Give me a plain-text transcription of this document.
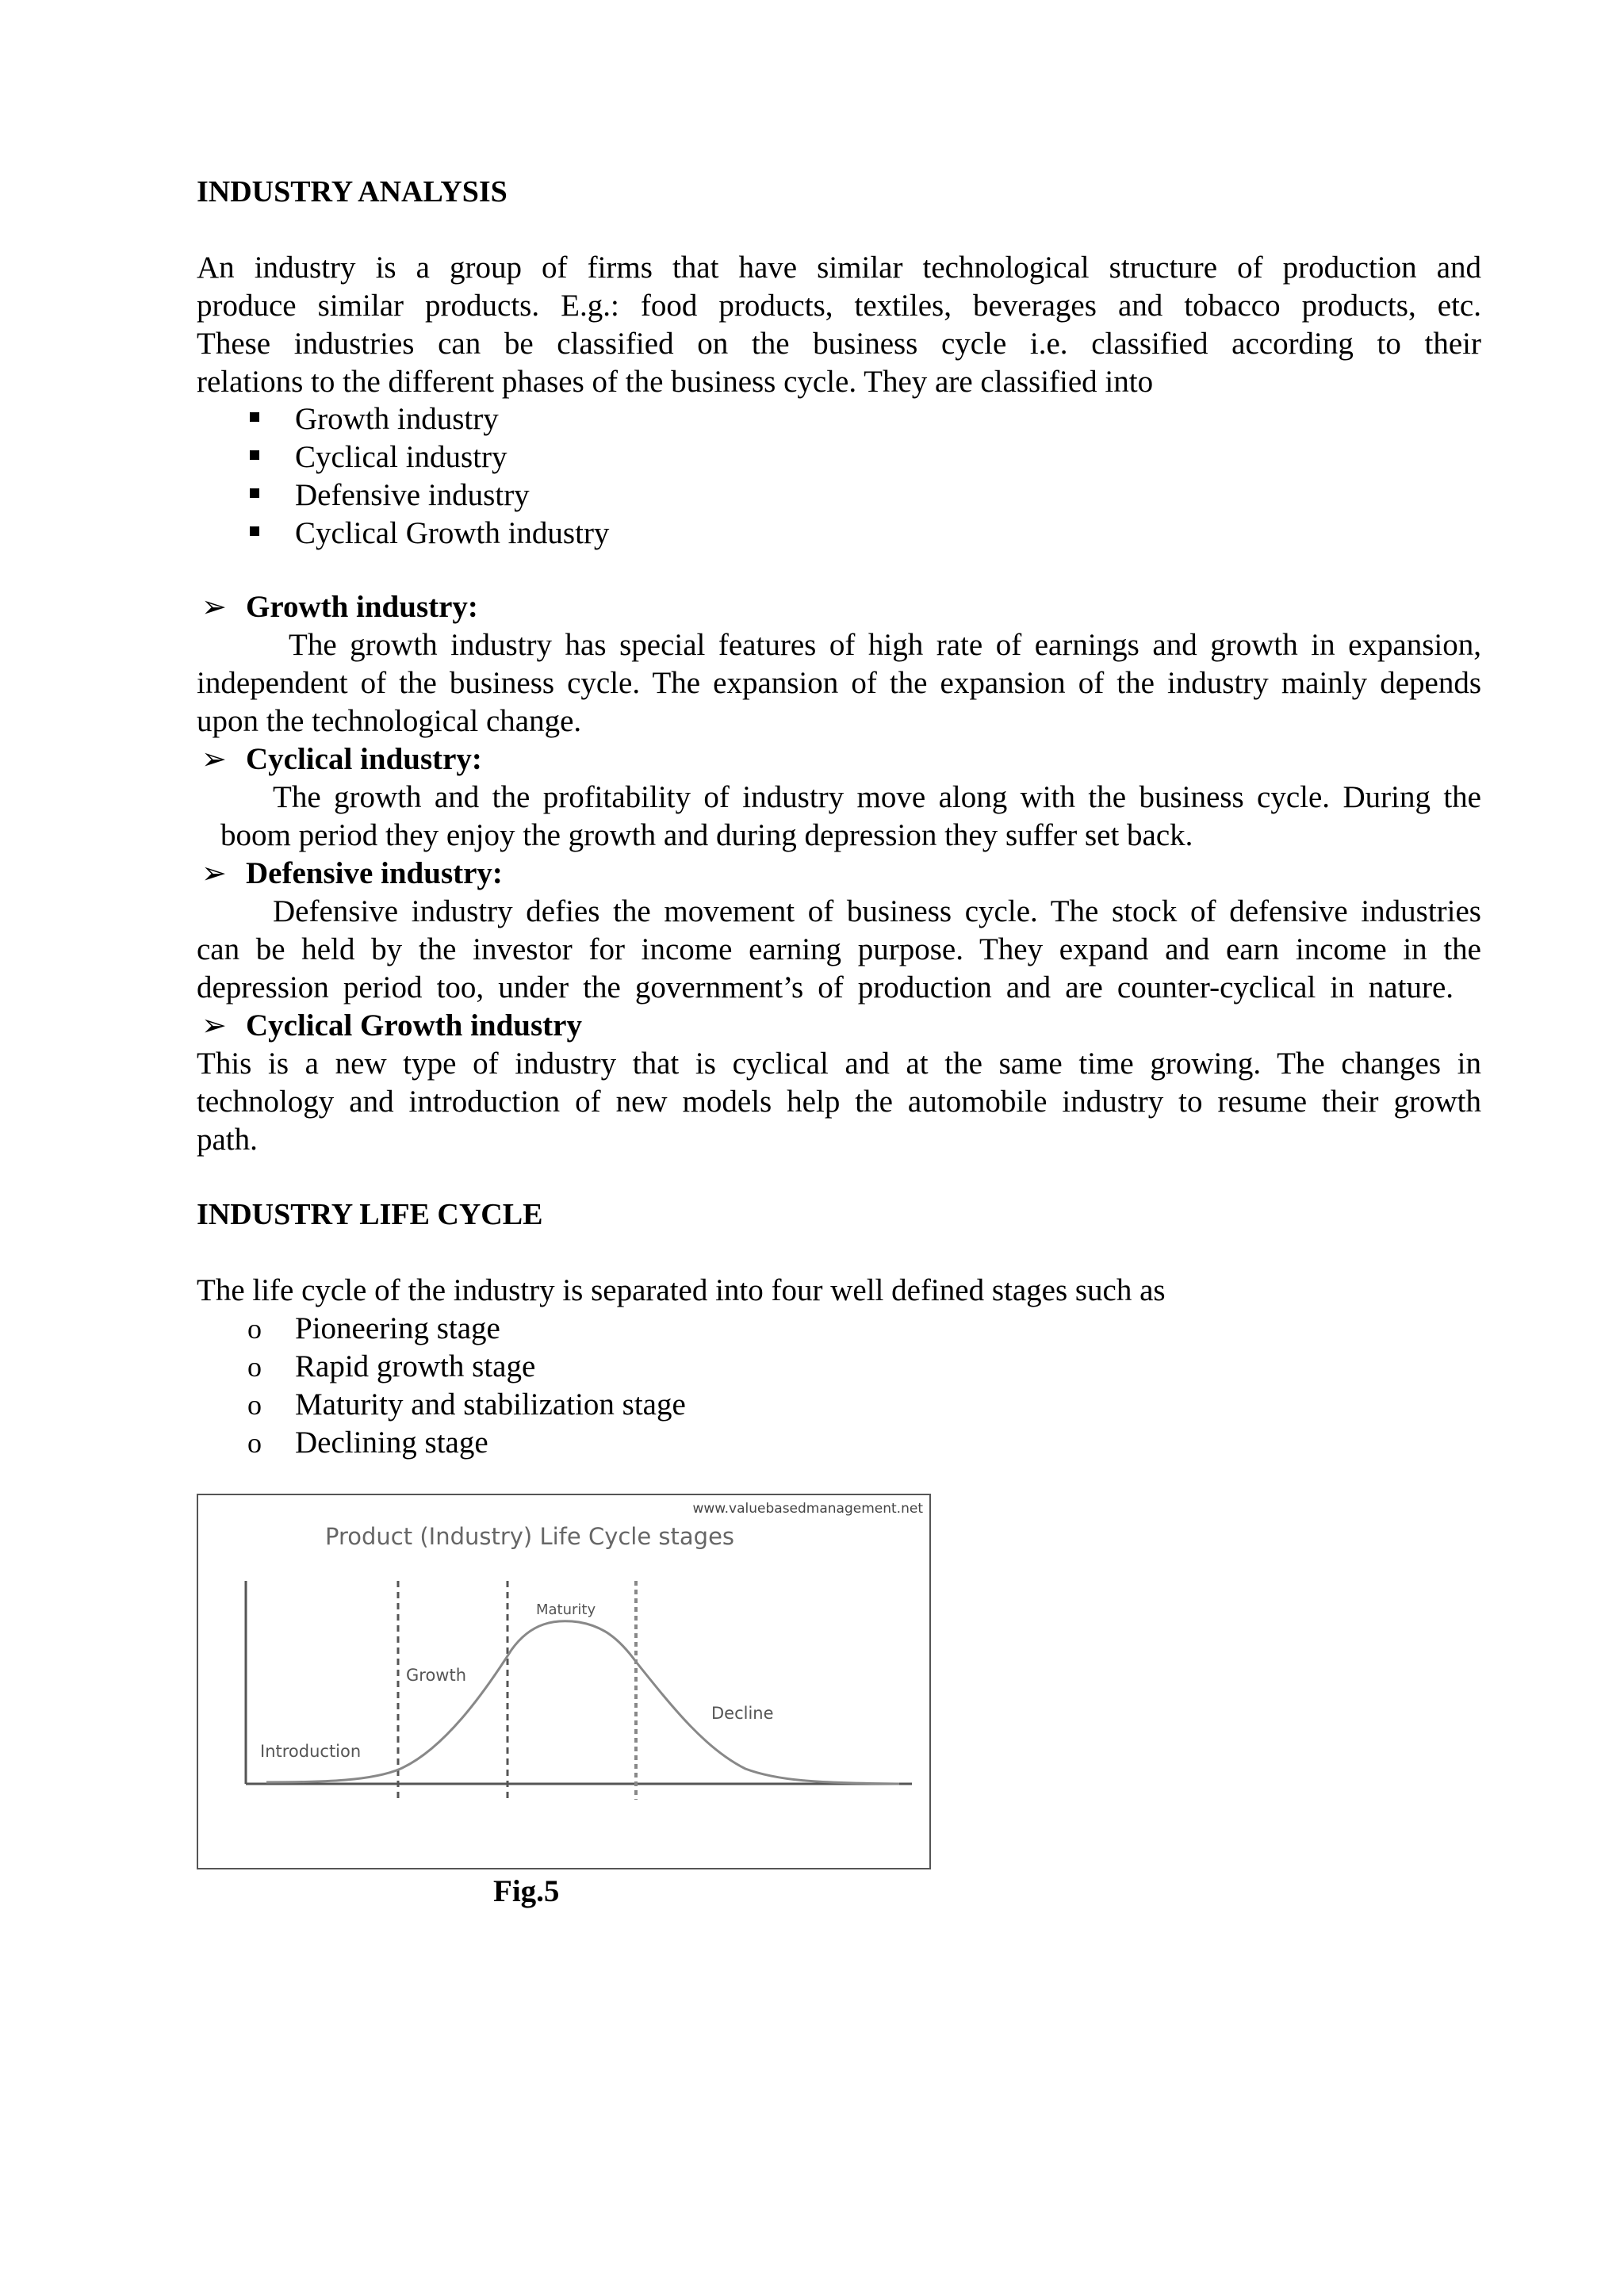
INDUSTRY ANALYSIS
An industry is a group of firms that have similar technological structure of production and
produce similar products. E.g.: food products, textiles, beverages and tobacco products, etc.
These industries can be classified on the business cycle i.e. classified according to their
relations to the different phases of the business cycle. They are classified into
Growth industry
Cyclical industry
Defensive industry
Cyclical Growth industry
➢ Growth industry:
The growth industry has special features of high rate of earnings and growth in expansion,
independent of the business cycle. The expansion of the expansion of the industry mainly depends
upon the technological change.
➢ Cyclical industry:
The growth and the profitability of industry move along with the business cycle. During the
boom period they enjoy the growth and during depression they suffer set back.
➢ Defensive industry:
Defensive industry defies the movement of business cycle. The stock of defensive industries
can be held by the investor for income earning purpose. They expand and earn income in the
depression period too, under the government’s of production and are counter-cyclical in nature.
➢ Cyclical Growth industry
This is a new type of industry that is cyclical and at the same time growing. The changes in
technology and introduction of new models help the automobile industry to resume their growth
path.
INDUSTRY LIFE CYCLE
The life cycle of the industry is separated into four well defined stages such as
o Pioneering stage
o Rapid growth stage
o Maturity and stabilization stage
o Declining stage
www.valuebasedmanagement.net
Product (Industry) Life Cycle stages
Introduction
Growth
Maturity
Decline
Fig.5
